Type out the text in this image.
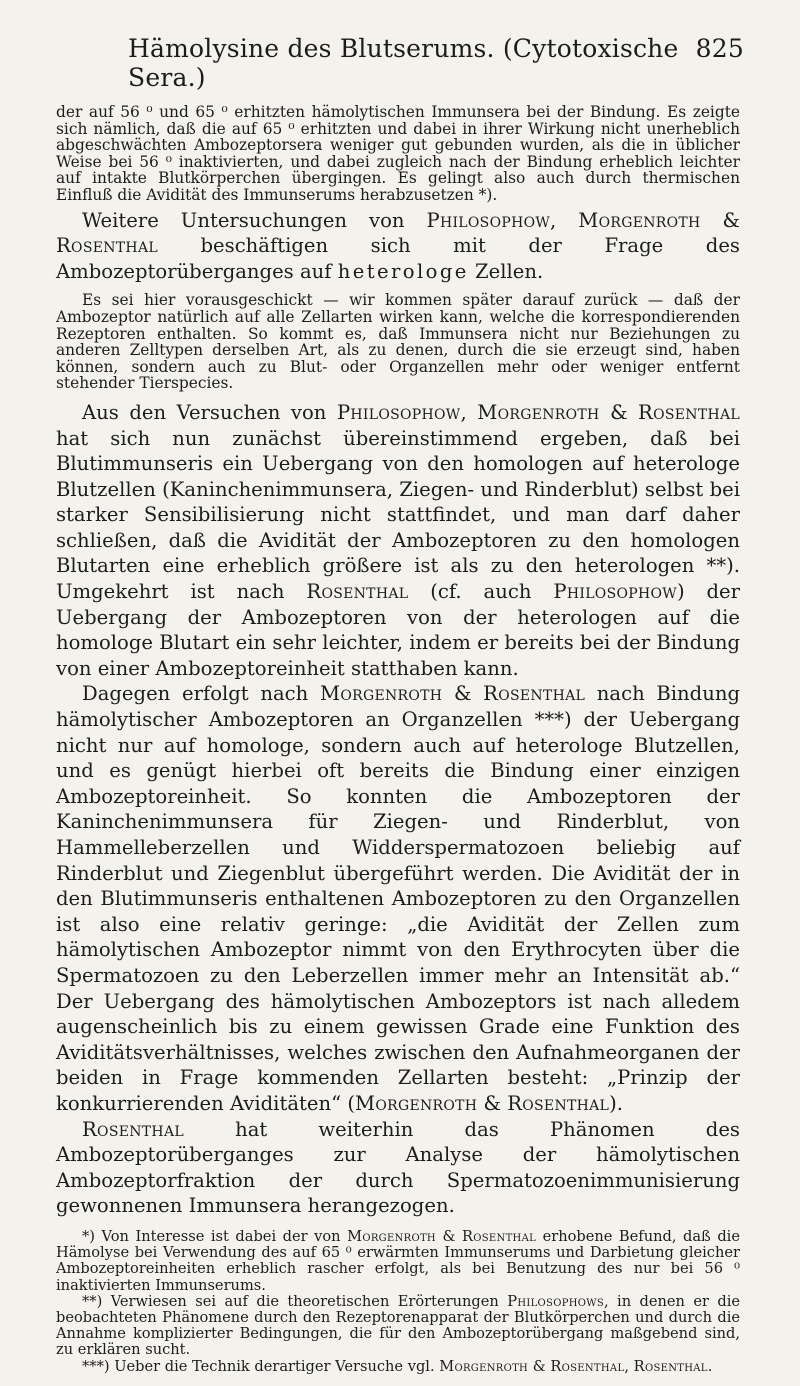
Hämolysine des Blutserums. (Cytotoxische Sera.)
825

der auf 56 ⁰ und 65 ⁰ erhitzten hämolytischen Immunsera bei der Bindung. Es zeigte sich nämlich, daß die auf 65 ⁰ erhitzten und dabei in ihrer Wirkung nicht unerheblich abgeschwächten Ambozeptorsera weniger gut gebunden wurden, als die in üblicher Weise bei 56 ⁰ inaktivierten, und dabei zugleich nach der Bindung erheblich leichter auf intakte Blutkörperchen übergingen. Es gelingt also auch durch thermischen Einfluß die Avidität des Immunserums herabzusetzen *).

Weitere Untersuchungen von Philosophow, Morgenroth & Rosenthal beschäftigen sich mit der Frage des Ambozeptorüberganges auf heterologe Zellen.

Es sei hier vorausgeschickt — wir kommen später darauf zurück — daß der Ambozeptor natürlich auf alle Zellarten wirken kann, welche die korrespondierenden Rezeptoren enthalten. So kommt es, daß Immunsera nicht nur Beziehungen zu anderen Zelltypen derselben Art, als zu denen, durch die sie erzeugt sind, haben können, sondern auch zu Blut- oder Organzellen mehr oder weniger entfernt stehender Tierspecies.

Aus den Versuchen von Philosophow, Morgenroth & Rosenthal hat sich nun zunächst übereinstimmend ergeben, daß bei Blutimmunseris ein Uebergang von den homologen auf heterologe Blutzellen (Kaninchenimmunsera, Ziegen- und Rinderblut) selbst bei starker Sensibilisierung nicht stattfindet, und man darf daher schließen, daß die Avidität der Ambozeptoren zu den homologen Blutarten eine erheblich größere ist als zu den heterologen **). Umgekehrt ist nach Rosenthal (cf. auch Philosophow) der Uebergang der Ambozeptoren von der heterologen auf die homologe Blutart ein sehr leichter, indem er bereits bei der Bindung von einer Ambozeptoreinheit statthaben kann.

Dagegen erfolgt nach Morgenroth & Rosenthal nach Bindung hämolytischer Ambozeptoren an Organzellen ***) der Uebergang nicht nur auf homologe, sondern auch auf heterologe Blutzellen, und es genügt hierbei oft bereits die Bindung einer einzigen Ambozeptoreinheit. So konnten die Ambozeptoren der Kaninchenimmunsera für Ziegen- und Rinderblut, von Hammelleberzellen und Widderspermatozoen beliebig auf Rinderblut und Ziegenblut übergeführt werden. Die Avidität der in den Blutimmunseris enthaltenen Ambozeptoren zu den Organzellen ist also eine relativ geringe: „die Avidität der Zellen zum hämolytischen Ambozeptor nimmt von den Erythrocyten über die Spermatozoen zu den Leberzellen immer mehr an Intensität ab.“ Der Uebergang des hämolytischen Ambozeptors ist nach alledem augenscheinlich bis zu einem gewissen Grade eine Funktion des Aviditätsverhältnisses, welches zwischen den Aufnahmeorganen der beiden in Frage kommenden Zellarten besteht: „Prinzip der konkurrierenden Aviditäten“ (Morgenroth & Rosenthal).

Rosenthal hat weiterhin das Phänomen des Ambozeptorüberganges zur Analyse der hämolytischen Ambozeptorfraktion der durch Spermatozoenimmunisierung gewonnenen Immunsera herangezogen.

*) Von Interesse ist dabei der von Morgenroth & Rosenthal erhobene Befund, daß die Hämolyse bei Verwendung des auf 65 ⁰ erwärmten Immunserums und Darbietung gleicher Ambozeptoreinheiten erheblich rascher erfolgt, als bei Benutzung des nur bei 56 ⁰ inaktivierten Immunserums.

**) Verwiesen sei auf die theoretischen Erörterungen Philosophows, in denen er die beobachteten Phänomene durch den Rezeptorenapparat der Blutkörperchen und durch die Annahme komplizierter Bedingungen, die für den Ambozeptorübergang maßgebend sind, zu erklären sucht.

***) Ueber die Technik derartiger Versuche vgl. Morgenroth & Rosenthal, Rosenthal.
